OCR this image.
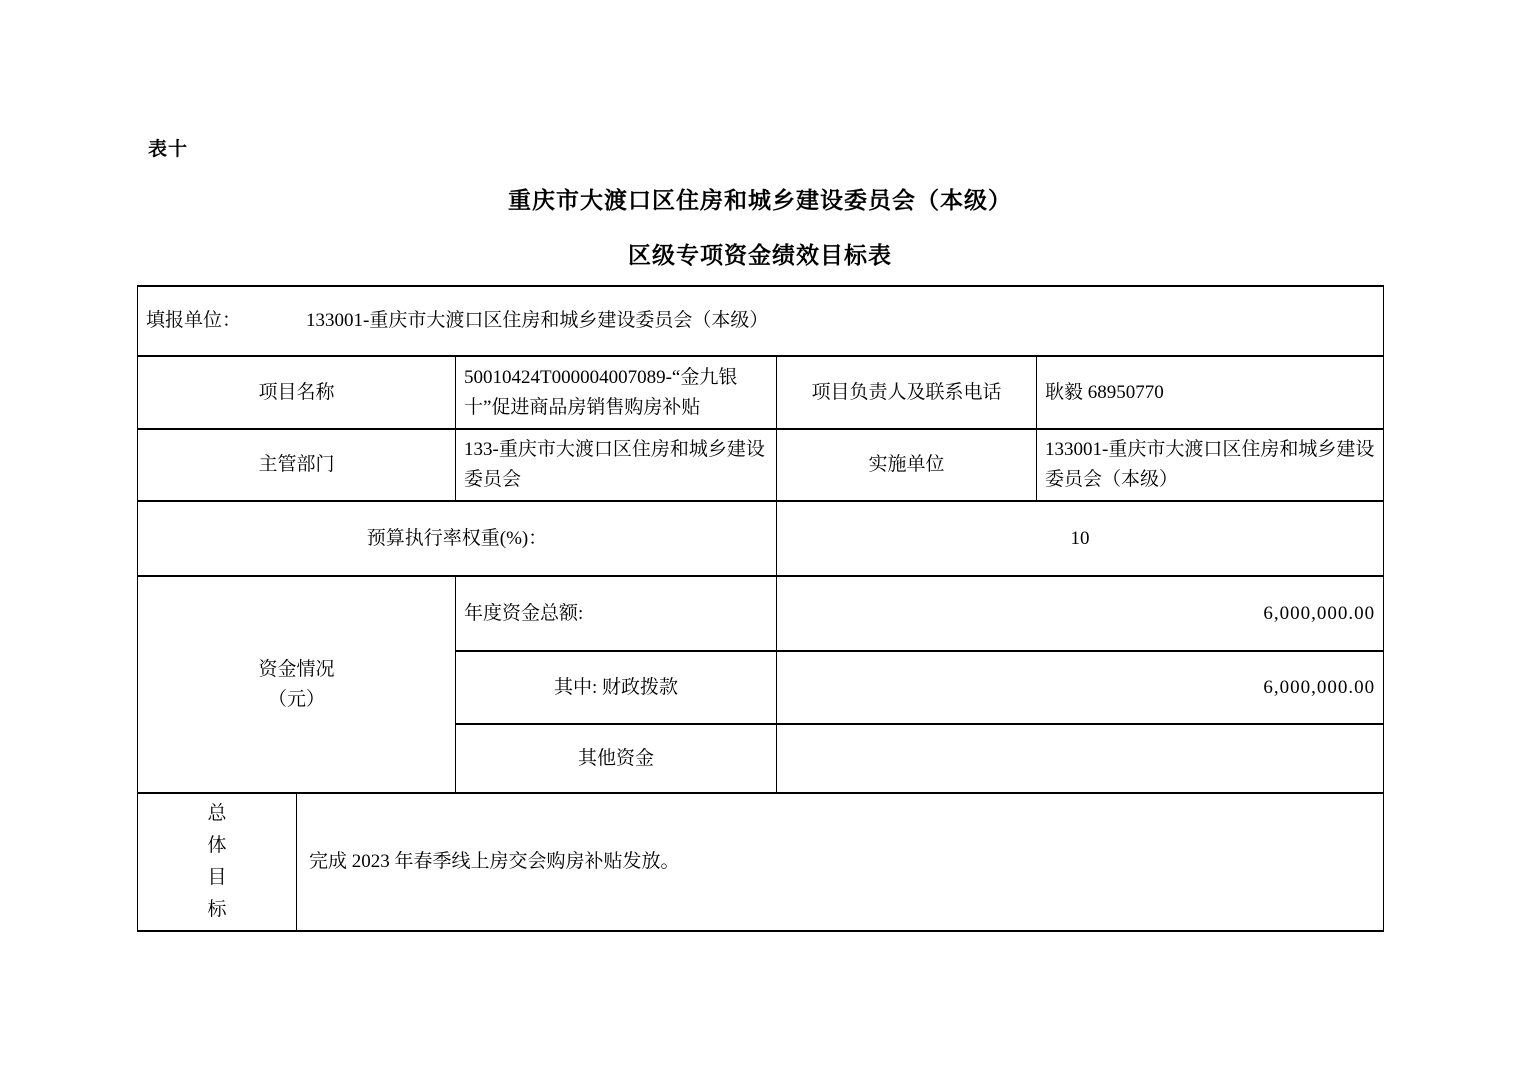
表十
重庆市大渡口区住房和城乡建设委员会（本级）
区级专项资金绩效目标表
填报单位： 133001-重庆市大渡口区住房和城乡建设委员会（本级）				
项目名称		50010424T000004007089-“金九银十”促进商品房销售购房补贴	项目负责人及联系电话	耿毅 68950770
主管部门		133-重庆市大渡口区住房和城乡建设委员会	实施单位	133001-重庆市大渡口区住房和城乡建设委员会（本级）
预算执行率权重(%)：			10	

资金情况
（元）		年度资金总额:	6,000,000.00	
		其中: 财政拨款	6,000,000.00	
		其他资金		

总
体
目
标	完成 2023 年春季线上房交会购房补贴发放。			
